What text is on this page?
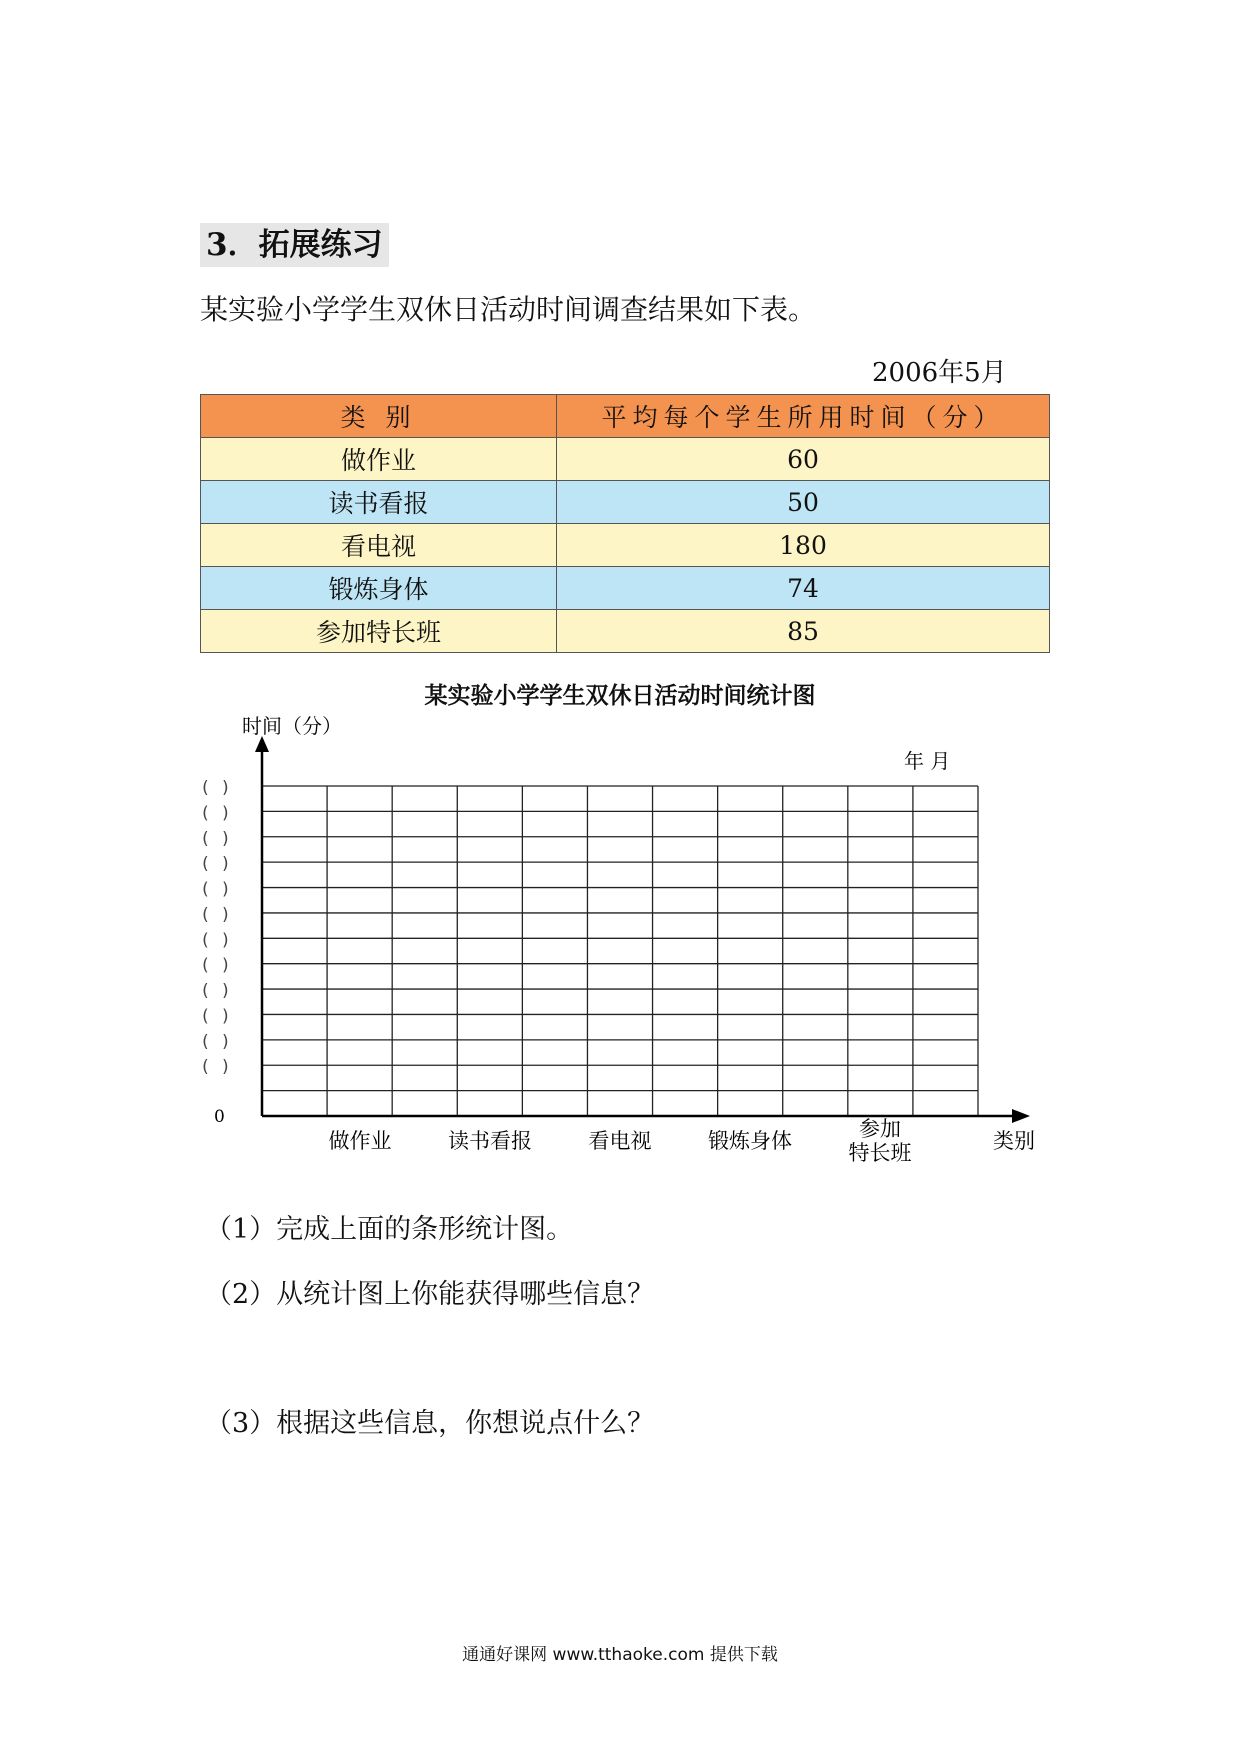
3．拓展练习
某实验小学学生双休日活动时间调查结果如下表。
2006年5月
类 别	平均每个学生所用时间（分）
做作业	60
读书看报	50
看电视	180
锻炼身体	74
参加特长班	85
某实验小学学生双休日活动时间统计图
时间（分）
年 月
0
类别
( )
( )
( )
( )
( )
( )
( )
( )
( )
( )
( )
( )
做作业	读书看报	看电视	锻炼身体	参加
特长班
（1）完成上面的条形统计图。
（2）从统计图上你能获得哪些信息？
（3）根据这些信息，你想说点什么？
通通好课网 www.tthaoke.com 提供下载
